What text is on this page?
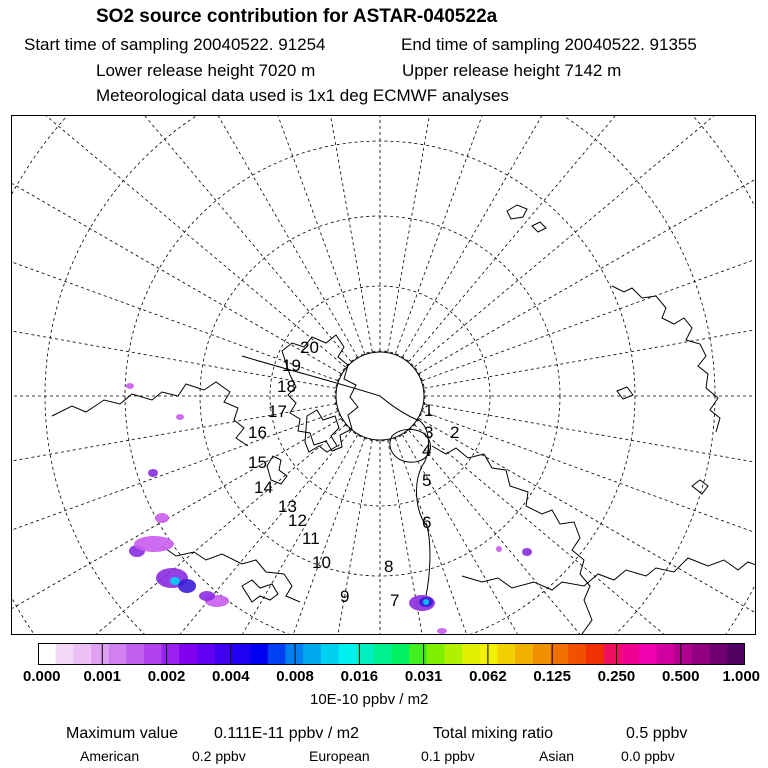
SO2 source contribution for ASTAR-040522a
Start time of sampling 20040522. 91254	End time of sampling 20040522. 91355
Lower release height 7020 m	Upper release height 7142 m
Meteorological data used is 1x1 deg ECMWF analyses
20
19
18
17
16
15
14
13
12
11
10
9
8
7
6
5
4
3 2
1
0.000 0.001 0.002 0.004 0.008 0.016 0.031 0.062 0.125 0.250 0.500 1.000
10E-10 ppbv / m2
Maximum value 0.111E-11 ppbv / m2	Total mixing ratio	0.5 ppbv
American	0.2 ppbv	European	0.1 ppbv	Asian	0.0 ppbv
